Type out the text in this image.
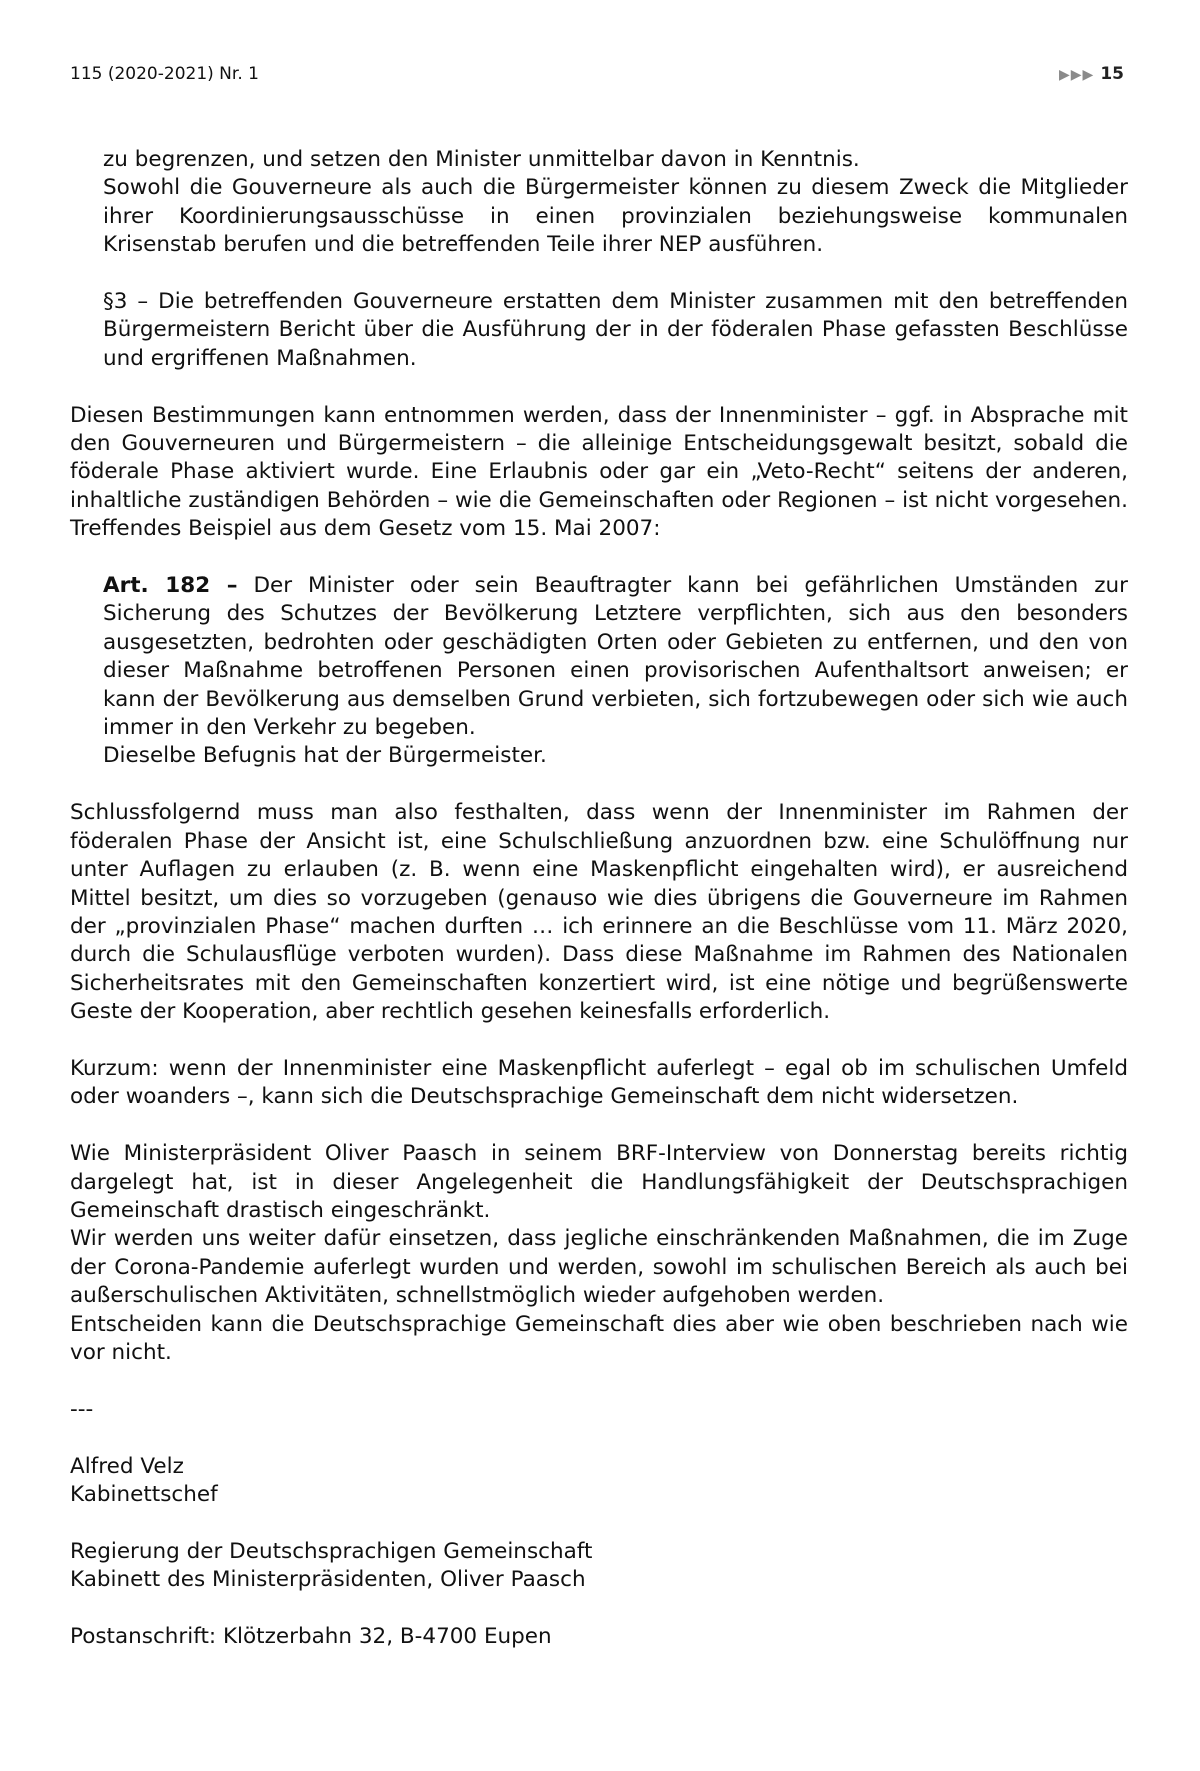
115 (2020-2021) Nr. 1	▶▶▶ 15

zu begrenzen, und setzen den Minister unmittelbar davon in Kenntnis.
Sowohl die Gouverneure als auch die Bürgermeister können zu diesem Zweck die Mitglieder ihrer Koordinierungsausschüsse in einen provinzialen beziehungsweise kommunalen Krisenstab berufen und die betreffenden Teile ihrer NEP ausführen.

§3 – Die betreffenden Gouverneure erstatten dem Minister zusammen mit den betreffenden Bürgermeistern Bericht über die Ausführung der in der föderalen Phase gefassten Beschlüsse und ergriffenen Maßnahmen.

Diesen Bestimmungen kann entnommen werden, dass der Innenminister – ggf. in Absprache mit den Gouverneuren und Bürgermeistern – die alleinige Entscheidungsgewalt besitzt, sobald die föderale Phase aktiviert wurde. Eine Erlaubnis oder gar ein „Veto-Recht“ seitens der anderen, inhaltliche zuständigen Behörden – wie die Gemeinschaften oder Regionen – ist nicht vorgesehen. Treffendes Beispiel aus dem Gesetz vom 15. Mai 2007:

Art. 182 – Der Minister oder sein Beauftragter kann bei gefährlichen Umständen zur Sicherung des Schutzes der Bevölkerung Letztere verpflichten, sich aus den besonders ausgesetzten, bedrohten oder geschädigten Orten oder Gebieten zu entfernen, und den von dieser Maßnahme betroffenen Personen einen provisorischen Aufenthaltsort anweisen; er kann der Bevölkerung aus demselben Grund verbieten, sich fortzubewegen oder sich wie auch immer in den Verkehr zu begeben.
Dieselbe Befugnis hat der Bürgermeister.

Schlussfolgernd muss man also festhalten, dass wenn der Innenminister im Rahmen der föderalen Phase der Ansicht ist, eine Schulschließung anzuordnen bzw. eine Schulöffnung nur unter Auflagen zu erlauben (z. B. wenn eine Maskenpflicht eingehalten wird), er ausreichend Mittel besitzt, um dies so vorzugeben (genauso wie dies übrigens die Gouverneure im Rahmen der „provinzialen Phase“ machen durften … ich erinnere an die Beschlüsse vom 11. März 2020, durch die Schulausflüge verboten wurden). Dass diese Maßnahme im Rahmen des Nationalen Sicherheitsrates mit den Gemeinschaften konzertiert wird, ist eine nötige und begrüßenswerte Geste der Kooperation, aber rechtlich gesehen keinesfalls erforderlich.

Kurzum: wenn der Innenminister eine Maskenpflicht auferlegt – egal ob im schulischen Umfeld oder woanders –, kann sich die Deutschsprachige Gemeinschaft dem nicht widersetzen.

Wie Ministerpräsident Oliver Paasch in seinem BRF-Interview von Donnerstag bereits richtig dargelegt hat, ist in dieser Angelegenheit die Handlungsfähigkeit der Deutschsprachigen Gemeinschaft drastisch eingeschränkt.
Wir werden uns weiter dafür einsetzen, dass jegliche einschränkenden Maßnahmen, die im Zuge der Corona-Pandemie auferlegt wurden und werden, sowohl im schulischen Bereich als auch bei außerschulischen Aktivitäten, schnellstmöglich wieder aufgehoben werden.
Entscheiden kann die Deutschsprachige Gemeinschaft dies aber wie oben beschrieben nach wie vor nicht.

---

Alfred Velz
Kabinettschef

Regierung der Deutschsprachigen Gemeinschaft
Kabinett des Ministerpräsidenten, Oliver Paasch

Postanschrift: Klötzerbahn 32, B-4700 Eupen
